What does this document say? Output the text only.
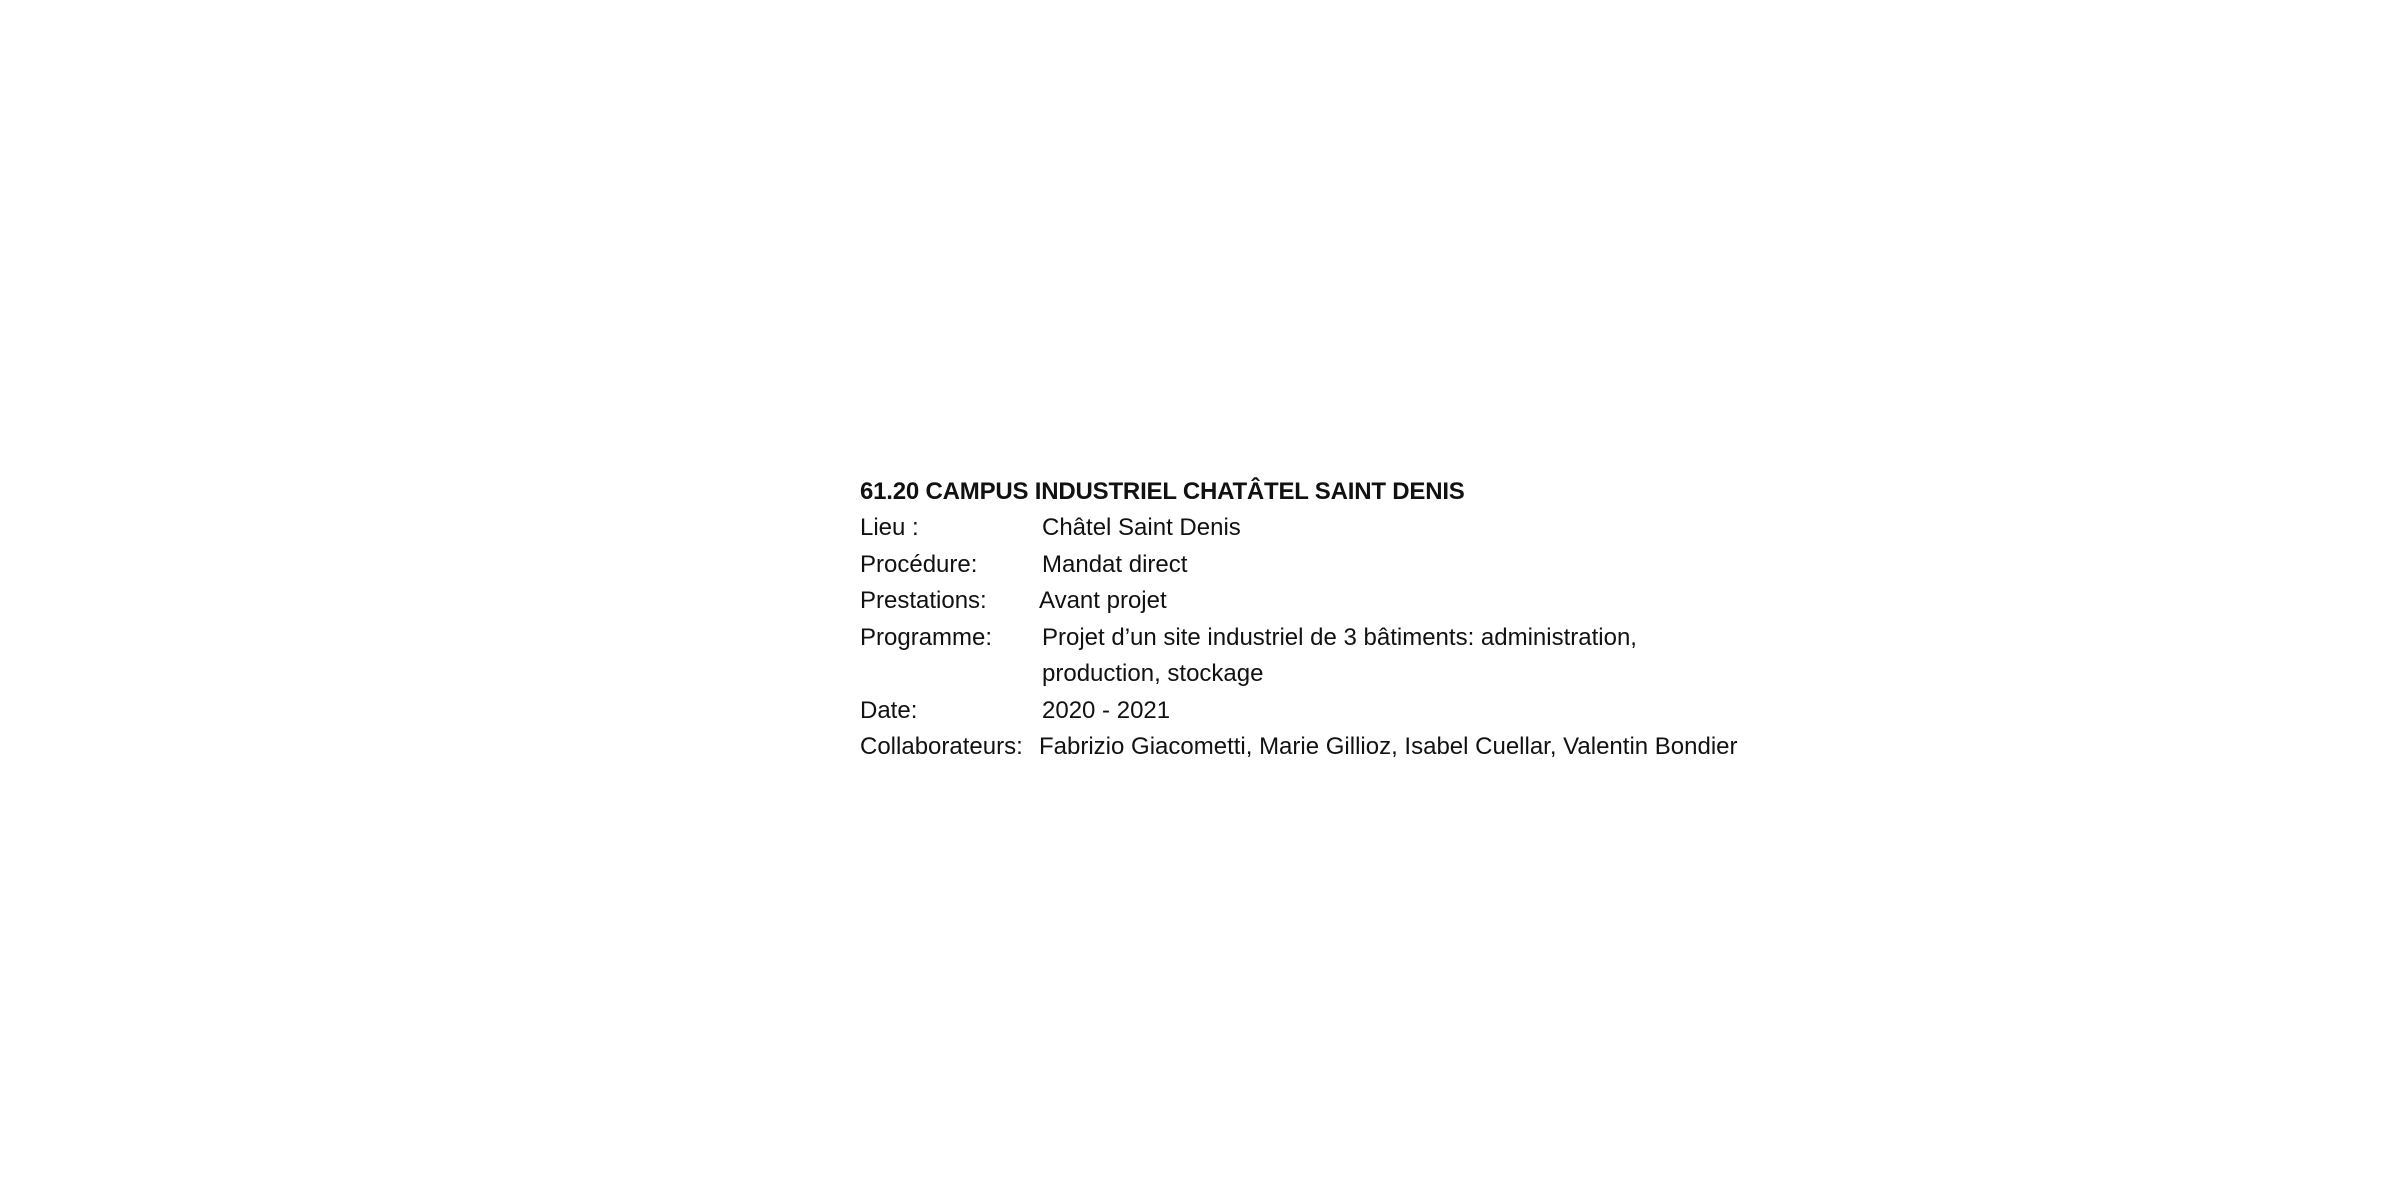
61.20 CAMPUS INDUSTRIEL CHATÂTEL SAINT DENIS
Lieu :	Châtel Saint Denis
Procédure:	Mandat direct
Prestations:	Avant projet
Programme:	Projet d’un site industriel de 3 bâtiments: administration,
production, stockage
Date:	2020 - 2021
Collaborateurs: Fabrizio Giacometti, Marie Gillioz, Isabel Cuellar, Valentin Bondier
